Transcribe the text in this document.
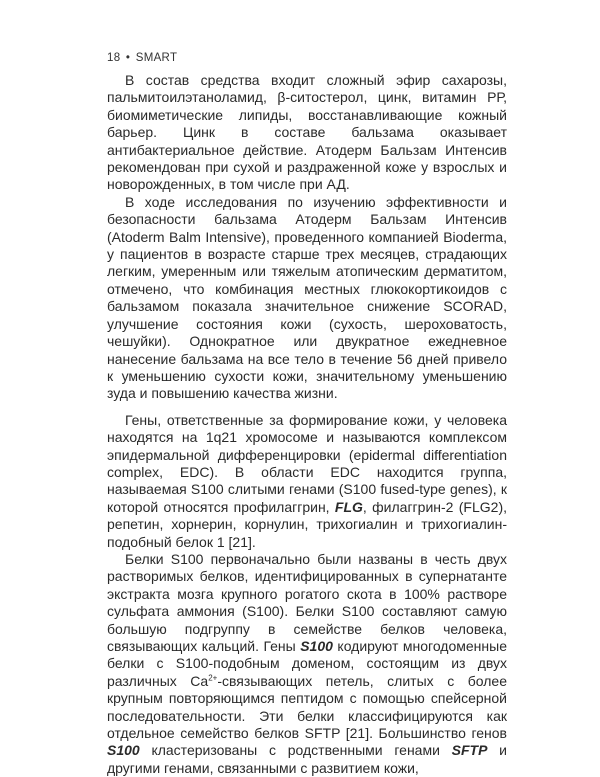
18 • SMART

В состав средства входит сложный эфир сахарозы, пальмитоилэтаноламид, β-ситостерол, цинк, витамин РР, биомиметические липиды, восстанавливающие кожный барьер. Цинк в составе бальзама оказывает антибактериальное действие. Атодерм Бальзам Интенсив рекомендован при сухой и раздраженной коже у взрослых и новорожденных, в том числе при АД.

В ходе исследования по изучению эффективности и безопасности бальзама Атодерм Бальзам Интенсив (Atoderm Balm Intensive), проведенного компанией Bioderma, у пациентов в возрасте старше трех месяцев, страдающих легким, умеренным или тяжелым атопическим дерматитом, отмечено, что комбинация местных глюкокортикоидов с бальзамом показала значительное снижение SCORAD, улучшение состояния кожи (сухость, шероховатость, чешуйки). Однократное или двукратное ежедневное нанесение бальзама на все тело в течение 56 дней привело к уменьшению сухости кожи, значительному уменьшению зуда и повышению качества жизни.

Гены, ответственные за формирование кожи, у человека находятся на 1q21 хромосоме и называются комплексом эпидермальной дифференцировки (epidermal differentiation complex, EDC). В области EDC находится группа, называемая S100 слитыми генами (S100 fused-type genes), к которой относятся профилаггрин, FLG, филаггрин-2 (FLG2), репетин, хорнерин, корнулин, трихогиалин и трихогиалин-подобный белок 1 [21].

Белки S100 первоначально были названы в честь двух растворимых белков, идентифицированных в супернатанте экстракта мозга крупного рогатого скота в 100% растворе сульфата аммония (S100). Белки S100 составляют самую большую подгруппу в семействе белков человека, связывающих кальций. Гены S100 кодируют многодоменные белки с S100-подобным доменом, состоящим из двух различных $Ca^{2+}$-связывающих петель, слитых с более крупным повторяющимся пептидом с помощью спейсерной последовательности. Эти белки классифицируются как отдельное семейство белков SFTP [21]. Большинство генов S100 кластеризованы с родственными генами SFTP и другими генами, связанными с развитием кожи,
